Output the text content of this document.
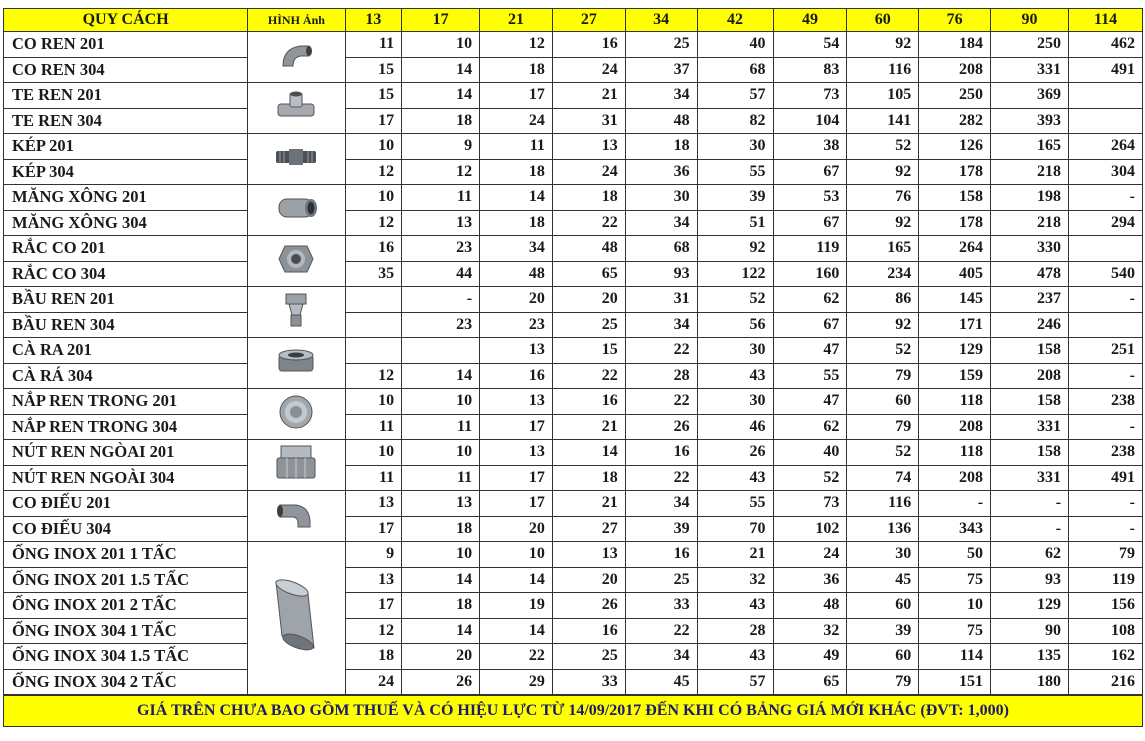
QUY CÁCH	HÌNH Ảnh	13	17	21	27	34	42	49	60	76	90	114
CO REN 201		11	10	12	16	25	40	54	92	184	250	462
CO REN 304		15	14	18	24	37	68	83	116	208	331	491
TE REN 201		15	14	17	21	34	57	73	105	250	369	
TE REN 304		17	18	24	31	48	82	104	141	282	393	
KÉP 201		10	9	11	13	18	30	38	52	126	165	264
KÉP 304		12	12	18	24	36	55	67	92	178	218	304
MĂNG XÔNG 201		10	11	14	18	30	39	53	76	158	198	-
MĂNG XÔNG 304		12	13	18	22	34	51	67	92	178	218	294
RẮC CO 201		16	23	34	48	68	92	119	165	264	330	
RẮC CO 304		35	44	48	65	93	122	160	234	405	478	540
BẦU REN 201			-	20	20	31	52	62	86	145	237	-
BẦU REN 304			23	23	25	34	56	67	92	171	246	
CÀ RA 201				13	15	22	30	47	52	129	158	251
CÀ RÁ 304		12	14	16	22	28	43	55	79	159	208	-
NẮP REN TRONG 201		10	10	13	16	22	30	47	60	118	158	238
NẮP REN TRONG 304		11	11	17	21	26	46	62	79	208	331	-
NÚT REN NGÒAI 201		10	10	13	14	16	26	40	52	118	158	238
NÚT REN NGOÀI 304		11	11	17	18	22	43	52	74	208	331	491
CO ĐIẾU 201		13	13	17	21	34	55	73	116	-	-	-
CO ĐIẾU 304		17	18	20	27	39	70	102	136	343	-	-
ỐNG INOX 201 1 TẤC		9	10	10	13	16	21	24	30	50	62	79
ỐNG INOX 201 1.5 TẤC		13	14	14	20	25	32	36	45	75	93	119
ỐNG INOX 201 2 TẤC		17	18	19	26	33	43	48	60	10	129	156
ỐNG INOX 304 1 TẤC		12	14	14	16	22	28	32	39	75	90	108
ỐNG INOX 304 1.5 TẤC		18	20	22	25	34	43	49	60	114	135	162
ỐNG INOX 304 2 TẤC		24	26	29	33	45	57	65	79	151	180	216
GIÁ TRÊN CHƯA BAO GỒM THUẾ VÀ CÓ HIỆU LỰC TỪ 14/09/2017 ĐẾN KHI CÓ BẢNG GIÁ MỚI KHÁC (ĐVT: 1,000)												
